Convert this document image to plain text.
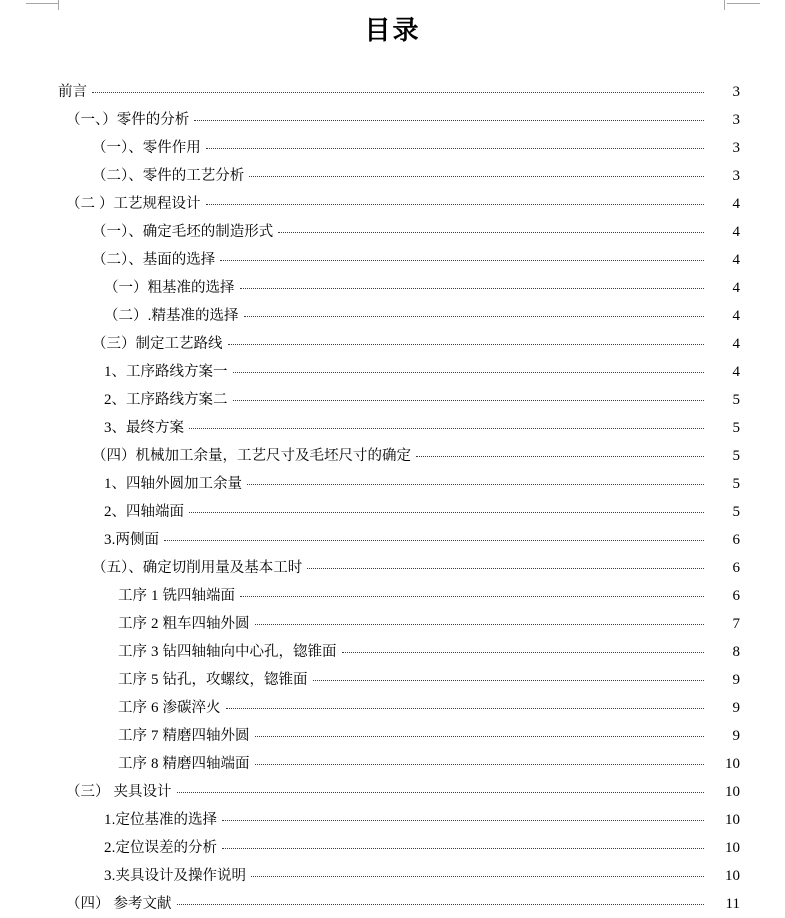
目录
前言	3
（一、）零件的分析	3
（一）、零件作用	3
（二）、零件的工艺分析	3
（二 ）工艺规程设计	4
（一）、确定毛坯的制造形式	4
（二）、基面的选择	4
（一）粗基准的选择	4
（二）.精基准的选择	4
（三）制定工艺路线	4
1、工序路线方案一	4
2、工序路线方案二	5
3、最终方案	5
（四）机械加工余量，工艺尺寸及毛坯尺寸的确定	5
1、四轴外圆加工余量	5
2、四轴端面	5
3.两侧面	6
（五）、确定切削用量及基本工时	6
工序 1 铣四轴端面	6
工序 2 粗车四轴外圆	7
工序 3 钻四轴轴向中心孔，锪锥面	8
工序 5 钻孔，攻螺纹，锪锥面	9
工序 6 渗碳淬火	9
工序 7 精磨四轴外圆	9
工序 8 精磨四轴端面	10
（三） 夹具设计	10
1.定位基准的选择	10
2.定位误差的分析	10
3.夹具设计及操作说明	10
（四） 参考文献	11
